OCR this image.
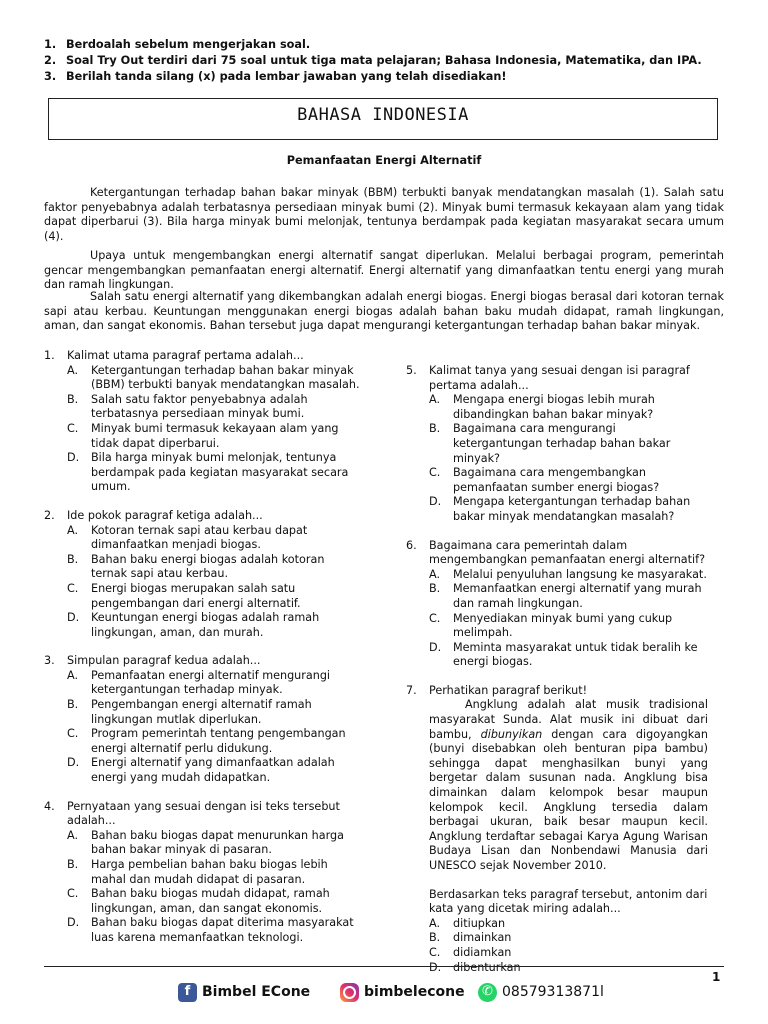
1. Berdoalah sebelum mengerjakan soal.
2. Soal Try Out terdiri dari 75 soal untuk tiga mata pelajaran; Bahasa Indonesia, Matematika, dan IPA.
3. Berilah tanda silang (x) pada lembar jawaban yang telah disediakan!
BAHASA INDONESIA
Pemanfaatan Energi Alternatif
Ketergantungan terhadap bahan bakar minyak (BBM) terbukti banyak mendatangkan masalah (1). Salah satu faktor penyebabnya adalah terbatasnya persediaan minyak bumi (2). Minyak bumi termasuk kekayaan alam yang tidak dapat diperbarui (3). Bila harga minyak bumi melonjak, tentunya berdampak pada kegiatan masyarakat secara umum (4).
Upaya untuk mengembangkan energi alternatif sangat diperlukan. Melalui berbagai program, pemerintah gencar mengembangkan pemanfaatan energi alternatif. Energi alternatif yang dimanfaatkan tentu energi yang murah dan ramah lingkungan.
Salah satu energi alternatif yang dikembangkan adalah energi biogas. Energi biogas berasal dari kotoran ternak sapi atau kerbau. Keuntungan menggunakan energi biogas adalah bahan baku mudah didapat, ramah lingkungan, aman, dan sangat ekonomis. Bahan tersebut juga dapat mengurangi ketergantungan terhadap bahan bakar minyak.
1.	Kalimat utama paragraf pertama adalah...
A.	Ketergantungan terhadap bahan bakar minyak (BBM) terbukti banyak mendatangkan masalah.
B.	Salah satu faktor penyebabnya adalah terbatasnya persediaan minyak bumi.
C.	Minyak bumi termasuk kekayaan alam yang tidak dapat diperbarui.
D.	Bila harga minyak bumi melonjak, tentunya berdampak pada kegiatan masyarakat secara umum.
2.	Ide pokok paragraf ketiga adalah...
A.	Kotoran ternak sapi atau kerbau dapat dimanfaatkan menjadi biogas.
B.	Bahan baku energi biogas adalah kotoran ternak sapi atau kerbau.
C.	Energi biogas merupakan salah satu pengembangan dari energi alternatif.
D.	Keuntungan energi biogas adalah ramah lingkungan, aman, dan murah.
3.	Simpulan paragraf kedua adalah...
A.	Pemanfaatan energi alternatif mengurangi ketergantungan terhadap minyak.
B.	Pengembangan energi alternatif ramah lingkungan mutlak diperlukan.
C.	Program pemerintah tentang pengembangan energi alternatif perlu didukung.
D.	Energi alternatif yang dimanfaatkan adalah energi yang mudah didapatkan.
4.	Pernyataan yang sesuai dengan isi teks tersebut adalah...
A.	Bahan baku biogas dapat menurunkan harga bahan bakar minyak di pasaran.
B.	Harga pembelian bahan baku biogas lebih mahal dan mudah didapat di pasaran.
C.	Bahan baku biogas mudah didapat, ramah lingkungan, aman, dan sangat ekonomis.
D.	Bahan baku biogas dapat diterima masyarakat luas karena memanfaatkan teknologi.
5.	Kalimat tanya yang sesuai dengan isi paragraf pertama adalah...
A.	Mengapa energi biogas lebih murah dibandingkan bahan bakar minyak?
B.	Bagaimana cara mengurangi ketergantungan terhadap bahan bakar minyak?
C.	Bagaimana cara mengembangkan pemanfaatan sumber energi biogas?
D.	Mengapa ketergantungan terhadap bahan bakar minyak mendatangkan masalah?
6.	Bagaimana cara pemerintah dalam mengembangkan pemanfaatan energi alternatif?
A.	Melalui penyuluhan langsung ke masyarakat.
B.	Memanfaatkan energi alternatif yang murah dan ramah lingkungan.
C.	Menyediakan minyak bumi yang cukup melimpah.
D.	Meminta masyarakat untuk tidak beralih ke energi biogas.
7.	Perhatikan paragraf berikut!
Angklung adalah alat musik tradisional masyarakat Sunda. Alat musik ini dibuat dari bambu, dibunyikan dengan cara digoyangkan (bunyi disebabkan oleh benturan pipa bambu) sehingga dapat menghasilkan bunyi yang bergetar dalam susunan nada. Angklung bisa dimainkan dalam kelompok besar maupun kelompok kecil. Angklung tersedia dalam berbagai ukuran, baik besar maupun kecil. Angklung terdaftar sebagai Karya Agung Warisan Budaya Lisan dan Nonbendawi Manusia dari UNESCO sejak November 2010.
Berdasarkan teks paragraf tersebut, antonim dari kata yang dicetak miring adalah...
A.	ditiupkan
B.	dimainkan
C.	didiamkan
D.	dibenturkan
1
f Bimbel ECone	bimbelecone	✆ 08579313871l
